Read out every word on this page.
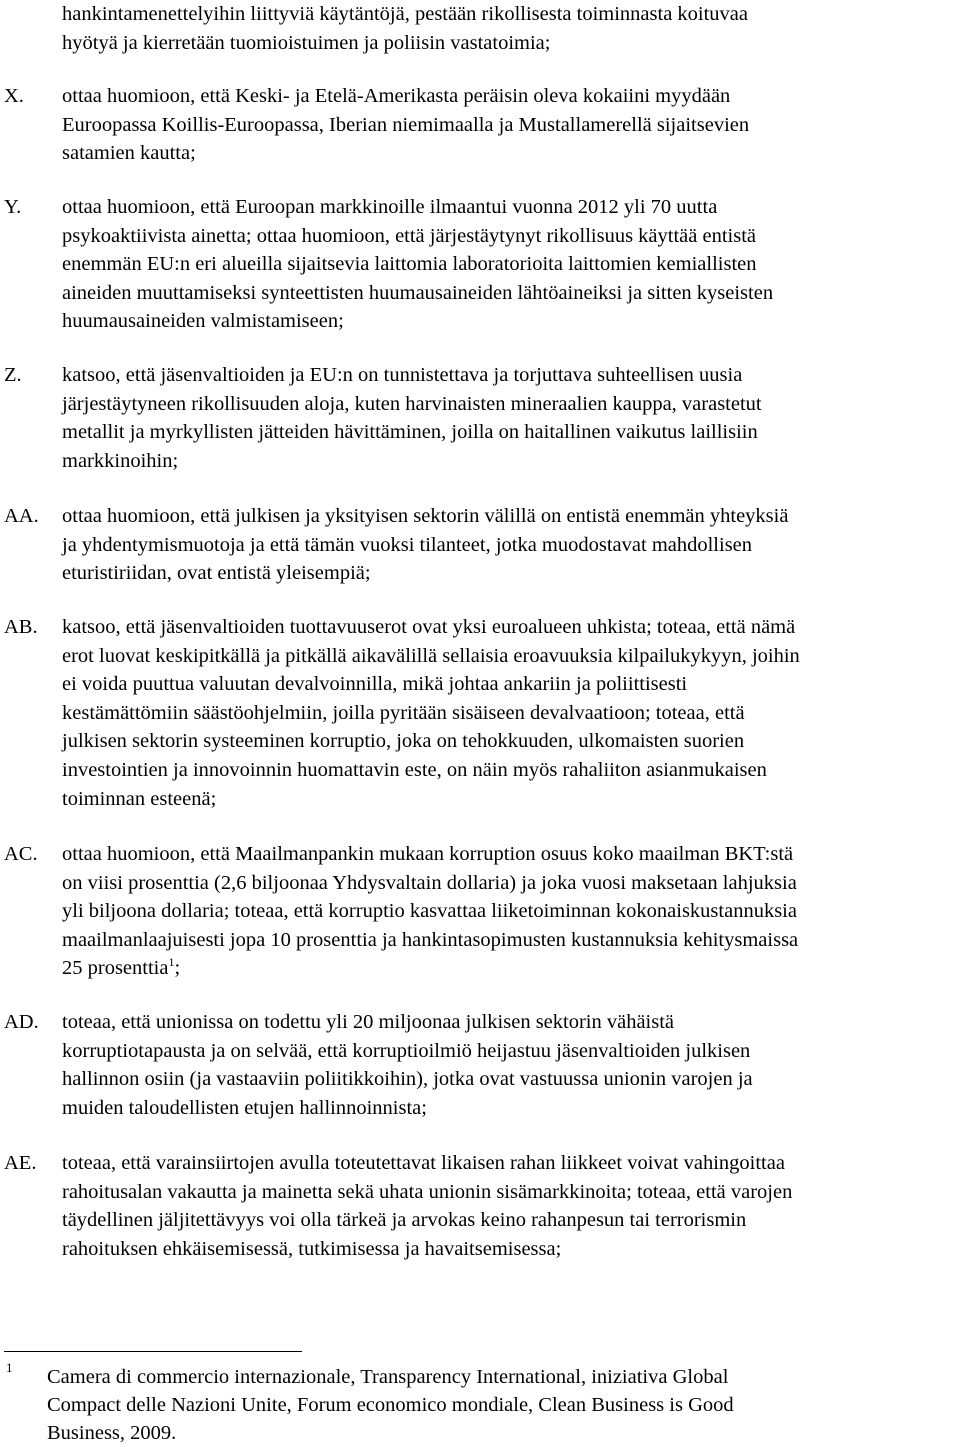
hankintamenettelyihin liittyviä käytäntöjä, pestään rikollisesta toiminnasta koituvaa
hyötyä ja kierretään tuomioistuimen ja poliisin vastatoimia;
X. ottaa huomioon, että Keski- ja Etelä-Amerikasta peräisin oleva kokaiini myydään
Euroopassa Koillis-Euroopassa, Iberian niemimaalla ja Mustallamerellä sijaitsevien
satamien kautta;
Y. ottaa huomioon, että Euroopan markkinoille ilmaantui vuonna 2012 yli 70 uutta
psykoaktiivista ainetta; ottaa huomioon, että järjestäytynyt rikollisuus käyttää entistä
enemmän EU:n eri alueilla sijaitsevia laittomia laboratorioita laittomien kemiallisten
aineiden muuttamiseksi synteettisten huumausaineiden lähtöaineiksi ja sitten kyseisten
huumausaineiden valmistamiseen;
Z. katsoo, että jäsenvaltioiden ja EU:n on tunnistettava ja torjuttava suhteellisen uusia
järjestäytyneen rikollisuuden aloja, kuten harvinaisten mineraalien kauppa, varastetut
metallit ja myrkyllisten jätteiden hävittäminen, joilla on haitallinen vaikutus laillisiin
markkinoihin;
AA. ottaa huomioon, että julkisen ja yksityisen sektorin välillä on entistä enemmän yhteyksiä
ja yhdentymismuotoja ja että tämän vuoksi tilanteet, jotka muodostavat mahdollisen
eturistiriidan, ovat entistä yleisempiä;
AB. katsoo, että jäsenvaltioiden tuottavuuserot ovat yksi euroalueen uhkista; toteaa, että nämä
erot luovat keskipitkällä ja pitkällä aikavälillä sellaisia eroavuuksia kilpailukykyyn, joihin
ei voida puuttua valuutan devalvoinnilla, mikä johtaa ankariin ja poliittisesti
kestämättömiin säästöohjelmiin, joilla pyritään sisäiseen devalvaatioon; toteaa, että
julkisen sektorin systeeminen korruptio, joka on tehokkuuden, ulkomaisten suorien
investointien ja innovoinnin huomattavin este, on näin myös rahaliiton asianmukaisen
toiminnan esteenä;
AC. ottaa huomioon, että Maailmanpankin mukaan korruption osuus koko maailman BKT:stä
on viisi prosenttia (2,6 biljoonaa Yhdysvaltain dollaria) ja joka vuosi maksetaan lahjuksia
yli biljoona dollaria; toteaa, että korruptio kasvattaa liiketoiminnan kokonaiskustannuksia
maailmanlaajuisesti jopa 10 prosenttia ja hankintasopimusten kustannuksia kehitysmaissa
25 prosenttia$^1$;
AD. toteaa, että unionissa on todettu yli 20 miljoonaa julkisen sektorin vähäistä
korruptiotapausta ja on selvää, että korruptioilmiö heijastuu jäsenvaltioiden julkisen
hallinnon osiin (ja vastaaviin poliitikkoihin), jotka ovat vastuussa unionin varojen ja
muiden taloudellisten etujen hallinnoinnista;
AE. toteaa, että varainsiirtojen avulla toteutettavat likaisen rahan liikkeet voivat vahingoittaa
rahoitusalan vakautta ja mainetta sekä uhata unionin sisämarkkinoita; toteaa, että varojen
täydellinen jäljitettävyys voi olla tärkeä ja arvokas keino rahanpesun tai terrorismin
rahoituksen ehkäisemisessä, tutkimisessa ja havaitsemisessa;
1 Camera di commercio internazionale, Transparency International, iniziativa Global
Compact delle Nazioni Unite, Forum economico mondiale, Clean Business is Good
Business, 2009.
